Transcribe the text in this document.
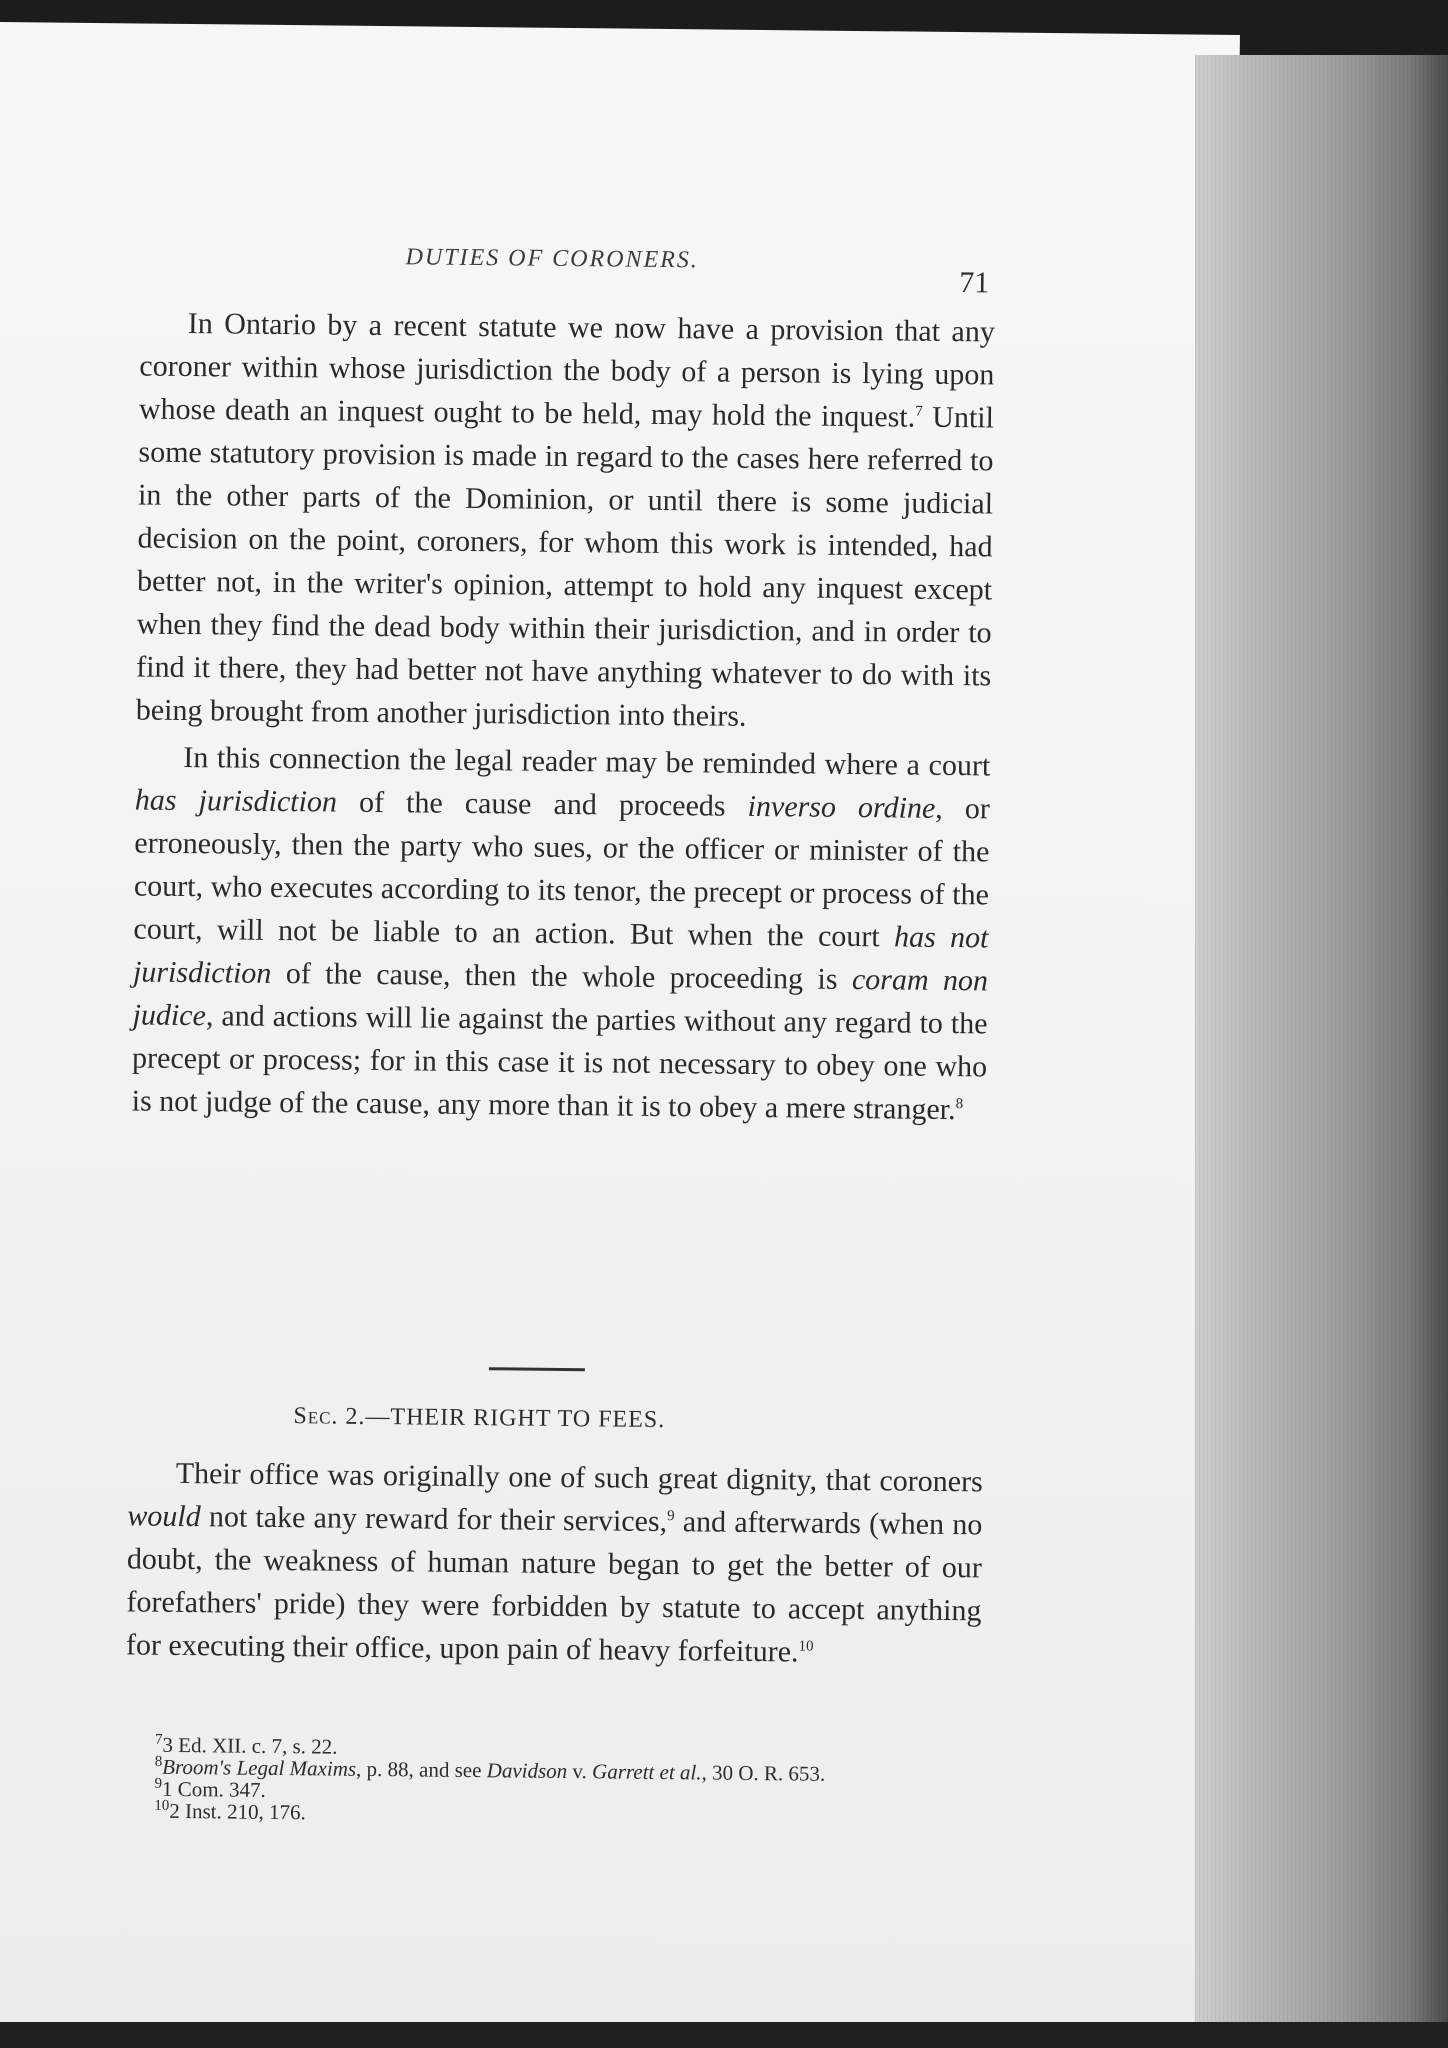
DUTIES OF CORONERS.
71

In Ontario by a recent statute we now have a provision that any coroner within whose jurisdiction the body of a person is lying upon whose death an inquest ought to be held, may hold the inquest.$^7$ Until some statutory provision is made in regard to the cases here referred to in the other parts of the Dominion, or until there is some judicial decision on the point, coroners, for whom this work is intended, had better not, in the writer's opinion, attempt to hold any inquest except when they find the dead body within their jurisdiction, and in order to find it there, they had better not have anything whatever to do with its being brought from another jurisdiction into theirs.

In this connection the legal reader may be reminded where a court has jurisdiction of the cause and proceeds inverso ordine, or erroneously, then the party who sues, or the officer or minister of the court, who executes according to its tenor, the precept or process of the court, will not be liable to an action. But when the court has not jurisdiction of the cause, then the whole proceeding is coram non judice, and actions will lie against the parties without any regard to the precept or process; for in this case it is not necessary to obey one who is not judge of the cause, any more than it is to obey a mere stranger.$^8$

Sec. 2.—THEIR RIGHT TO FEES.

Their office was originally one of such great dignity, that coroners would not take any reward for their services,$^9$ and afterwards (when no doubt, the weakness of human nature began to get the better of our forefathers' pride) they were forbidden by statute to accept anything for executing their office, upon pain of heavy forfeiture.$^{10}$

$^7$3 Ed. XII. c. 7, s. 22.

$^8$Broom's Legal Maxims, p. 88, and see Davidson v. Garrett et al., 30 O. R. 653.

$^9$1 Com. 347.

$^{10}$2 Inst. 210, 176.
